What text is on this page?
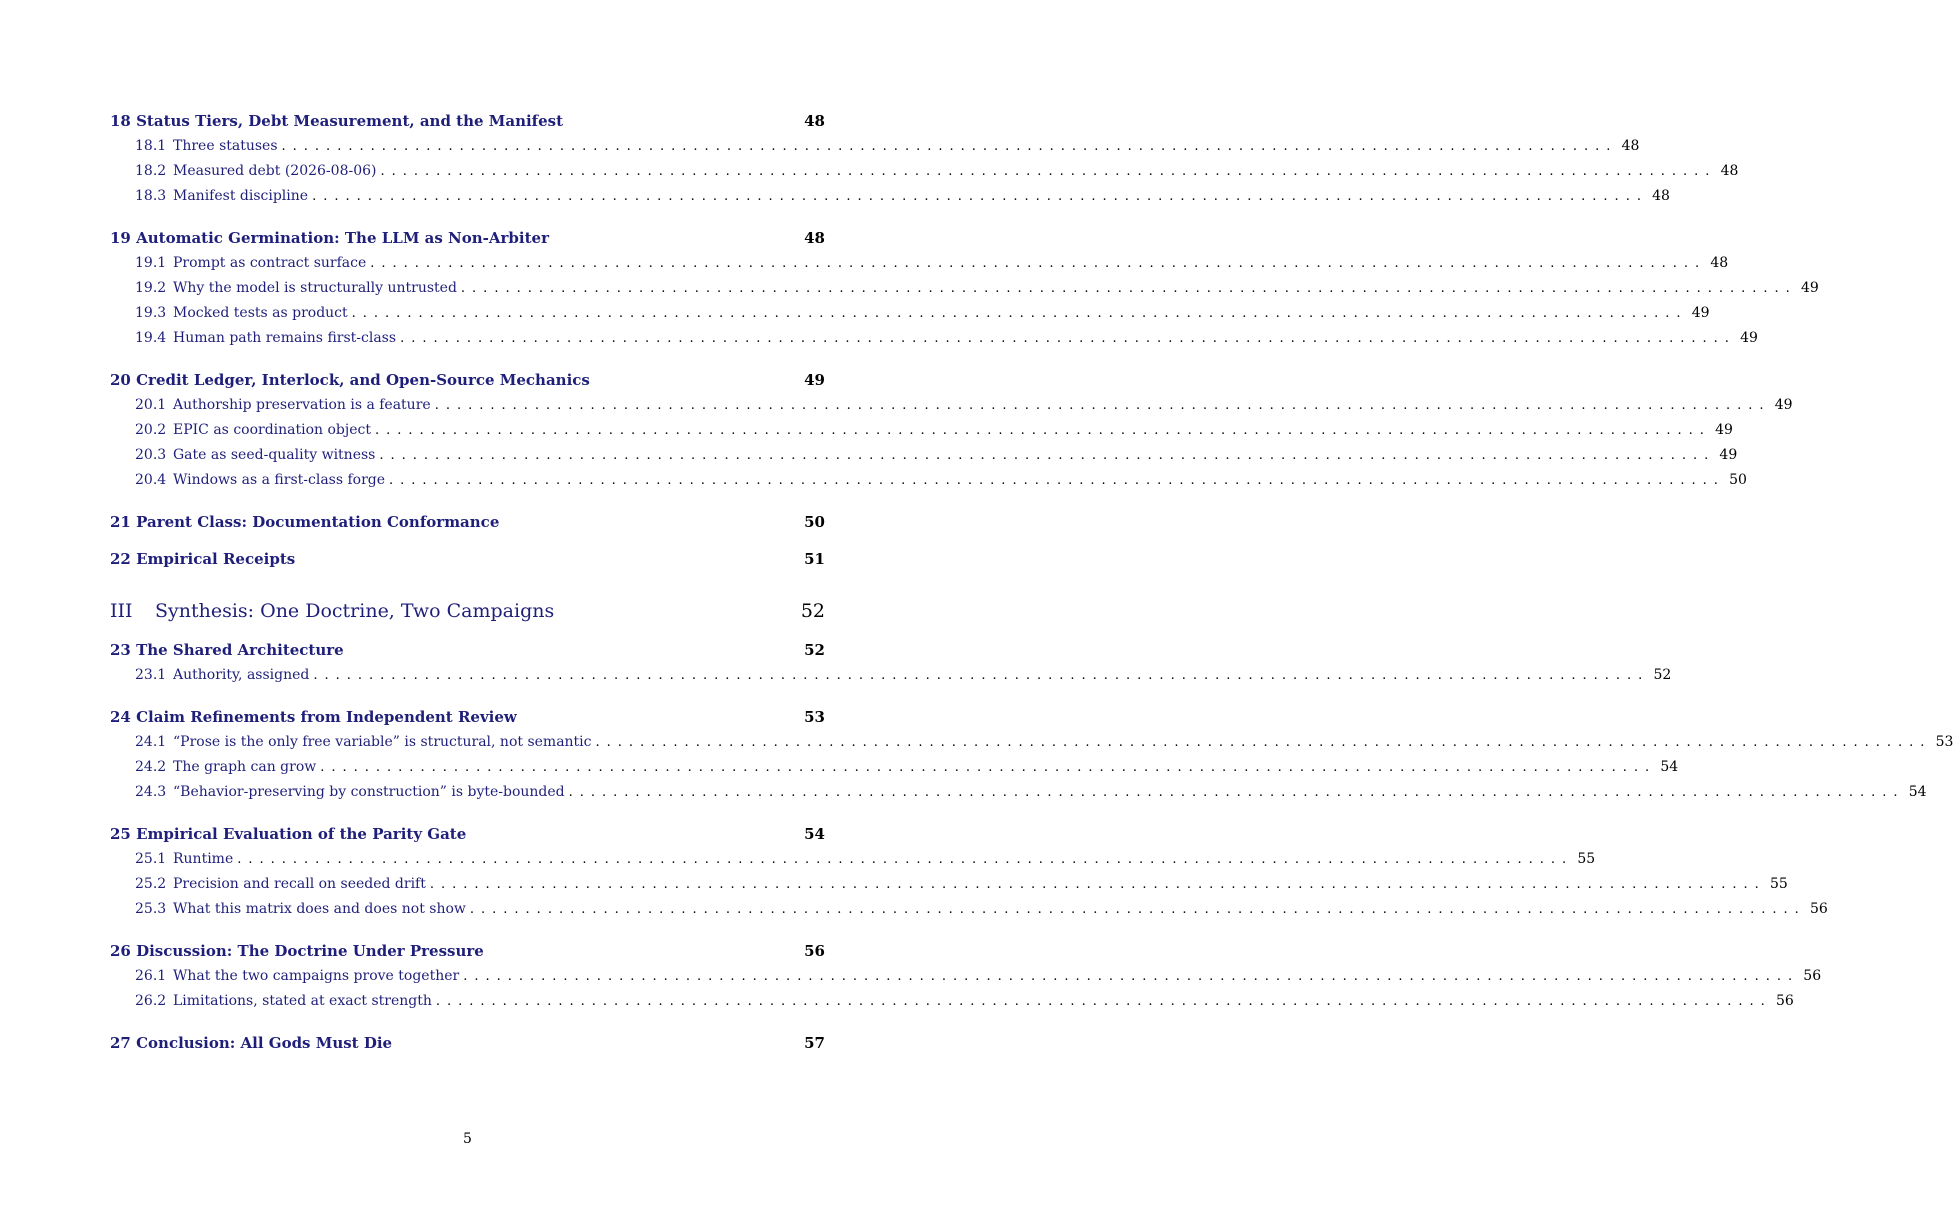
18 Status Tiers, Debt Measurement, and the Manifest	48
18.1 Three statuses ........................................................................................................................ 48
18.2 Measured debt (2026-08-06) ........................................................................................................................ 48
18.3 Manifest discipline ........................................................................................................................ 48
19 Automatic Germination: The LLM as Non-Arbiter	48
19.1 Prompt as contract surface ........................................................................................................................ 48
19.2 Why the model is structurally untrusted ........................................................................................................................ 49
19.3 Mocked tests as product ........................................................................................................................ 49
19.4 Human path remains first-class ........................................................................................................................ 49
20 Credit Ledger, Interlock, and Open-Source Mechanics	49
20.1 Authorship preservation is a feature ........................................................................................................................ 49
20.2 EPIC as coordination object ........................................................................................................................ 49
20.3 Gate as seed-quality witness ........................................................................................................................ 49
20.4 Windows as a first-class forge ........................................................................................................................ 50
21 Parent Class: Documentation Conformance	50
22 Empirical Receipts	51
III Synthesis: One Doctrine, Two Campaigns	52
23 The Shared Architecture	52
23.1 Authority, assigned ........................................................................................................................ 52
24 Claim Refinements from Independent Review	53
24.1 “Prose is the only free variable” is structural, not semantic ........................................................................................................................ 53
24.2 The graph can grow ........................................................................................................................ 54
24.3 “Behavior-preserving by construction” is byte-bounded ........................................................................................................................ 54
25 Empirical Evaluation of the Parity Gate	54
25.1 Runtime ........................................................................................................................ 55
25.2 Precision and recall on seeded drift ........................................................................................................................ 55
25.3 What this matrix does and does not show ........................................................................................................................ 56
26 Discussion: The Doctrine Under Pressure	56
26.1 What the two campaigns prove together ........................................................................................................................ 56
26.2 Limitations, stated at exact strength ........................................................................................................................ 56
27 Conclusion: All Gods Must Die	57
5
